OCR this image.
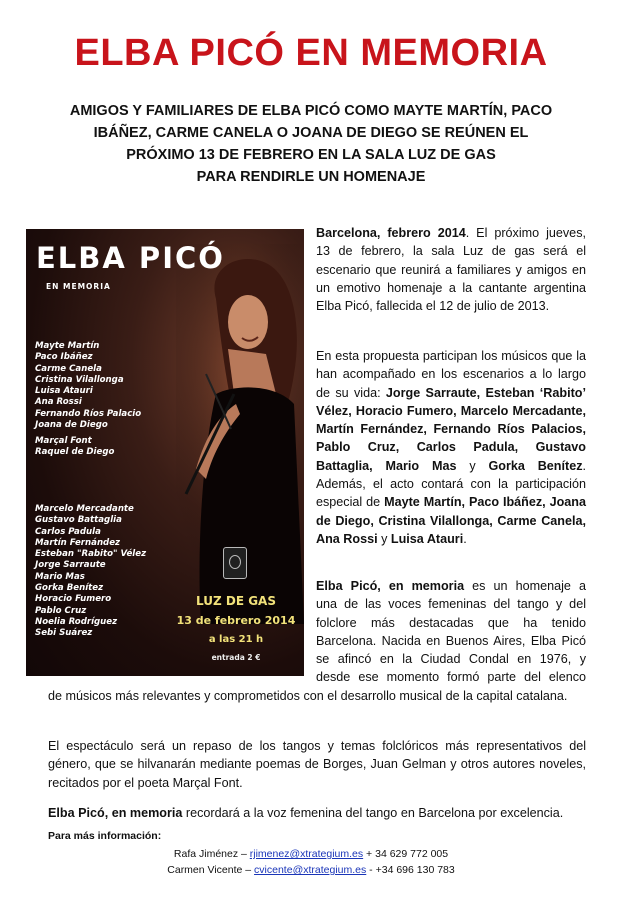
ELBA PICÓ EN MEMORIA
AMIGOS Y FAMILIARES DE ELBA PICÓ COMO MAYTE MARTÍN, PACO
IBÁÑEZ, CARME CANELA O JOANA DE DIEGO SE REÚNEN EL
PRÓXIMO 13 DE FEBRERO EN LA SALA LUZ DE GAS
PARA RENDIRLE UN HOMENAJE
ELBA PICÓ
EN MEMORIA
Mayte Martín
Paco Ibáñez
Carme Canela
Cristina Vilallonga
Luisa Atauri
Ana Rossi
Fernando Ríos Palacio
Joana de Diego
Marçal Font
Raquel de Diego
Marcelo Mercadante
Gustavo Battaglia
Carlos Padula
Martín Fernández
Esteban "Rabito" Vélez
Jorge Sarraute
Mario Mas
Gorka Benítez
Horacio Fumero
Pablo Cruz
Noelia Rodríguez
Sebi Suárez
LUZ DE GAS
13 de febrero 2014
a las 21 h
entrada 2 €
Barcelona, febrero 2014. El próximo jueves, 13 de febrero, la sala Luz de gas será el escenario que reunirá a familiares y amigos en un emotivo homenaje a la cantante argentina Elba Picó, fallecida el 12 de julio de 2013.
En esta propuesta participan los músicos que la han acompañado en los escenarios a lo largo de su vida: Jorge Sarraute, Esteban ‘Rabito’ Vélez, Horacio Fumero, Marcelo Mercadante, Martín Fernández, Fernando Ríos Palacios, Pablo Cruz, Carlos Padula, Gustavo Battaglia, Mario Mas y Gorka Benítez. Además, el acto contará con la participación especial de Mayte Martín, Paco Ibáñez, Joana de Diego, Cristina Vilallonga, Carme Canela, Ana Rossi y Luisa Atauri.
Elba Picó, en memoria es un homenaje a
una de las voces femeninas del tango y del
folclore más destacadas que ha tenido
Barcelona. Nacida en Buenos Aires, Elba Picó
se afincó en la Ciudad Condal en 1976, y
desde ese momento formó parte del elenco
de músicos más relevantes y comprometidos con el desarrollo musical de la capital catalana.
El espectáculo será un repaso de los tangos y temas folclóricos más representativos del género, que se hilvanarán mediante poemas de Borges, Juan Gelman y otros autores noveles, recitados por el poeta Marçal Font.
Elba Picó, en memoria recordará a la voz femenina del tango en Barcelona por excelencia.
Para más información:
Rafa Jiménez – rjimenez@xtrategium.es + 34 629 772 005
Carmen Vicente – cvicente@xtrategium.es - +34 696 130 783
